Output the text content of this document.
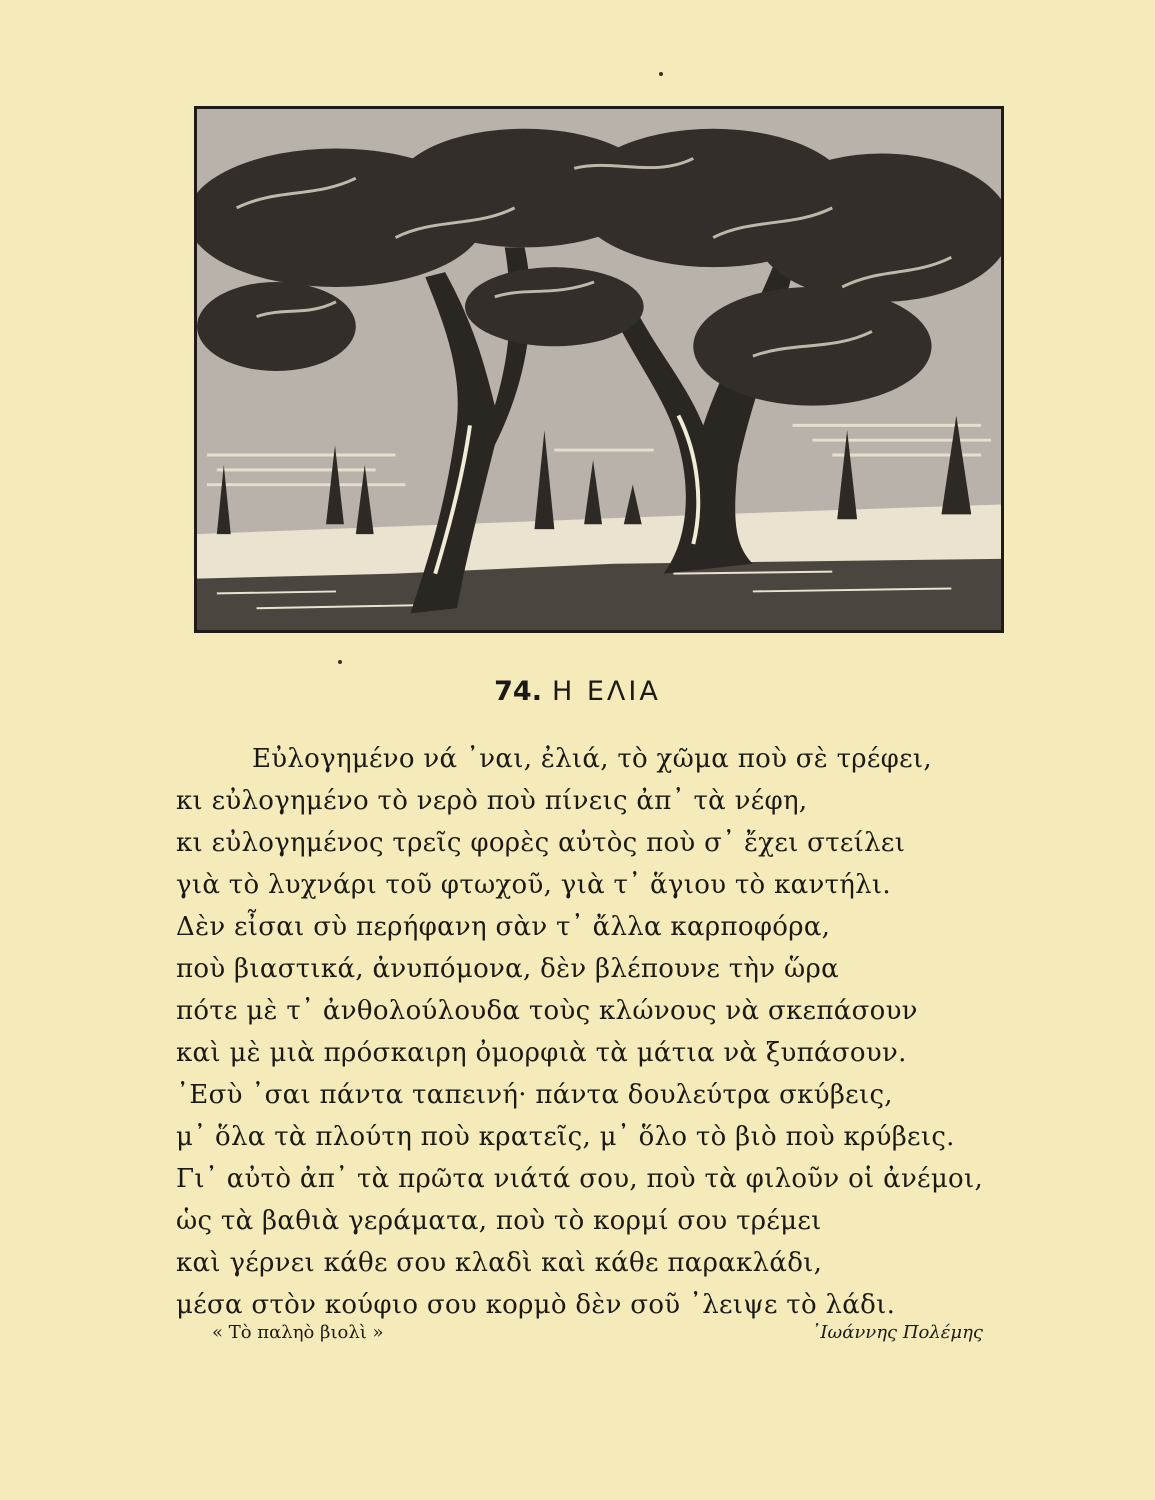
74. Η ΕΛΙΑ
Εὐλογημένο νά ᾽ναι, ἐλιά, τὸ χῶμα ποὺ σὲ τρέφει,
κι εὐλογημένο τὸ νερὸ ποὺ πίνεις ἀπ᾽ τὰ νέφη,
κι εὐλογημένος τρεῖς φορὲς αὐτὸς ποὺ σ᾽ ἔχει στείλει
γιὰ τὸ λυχνάρι τοῦ φτωχοῦ, γιὰ τ᾽ ἅγιου τὸ καντήλι.
Δὲν εἶσαι σὺ περήφανη σὰν τ᾽ ἄλλα καρποφόρα,
ποὺ βιαστικά, ἀνυπόμονα, δὲν βλέπουνε τὴν ὥρα
πότε μὲ τ᾽ ἀνθολούλουδα τοὺς κλώνους νὰ σκεπάσουν
καὶ μὲ μιὰ πρόσκαιρη ὀμορφιὰ τὰ μάτια νὰ ξυπάσουν.
᾽Εσὺ ᾽σαι πάντα ταπεινή· πάντα δουλεύτρα σκύβεις,
μ᾽ ὅλα τὰ πλούτη ποὺ κρατεῖς, μ᾽ ὅλο τὸ βιὸ ποὺ κρύβεις.
Γι᾽ αὐτὸ ἀπ᾽ τὰ πρῶτα νιάτά σου, ποὺ τὰ φιλοῦν οἱ ἀνέμοι,
ὡς τὰ βαθιὰ γεράματα, ποὺ τὸ κορμί σου τρέμει
καὶ γέρνει κάθε σου κλαδὶ καὶ κάθε παρακλάδι,
μέσα στὸν κούφιο σου κορμὸ δὲν σοῦ ᾽λειψε τὸ λάδι.
« Τὸ παληὸ βιολὶ »	᾽Ιωάννης Πολέμης
